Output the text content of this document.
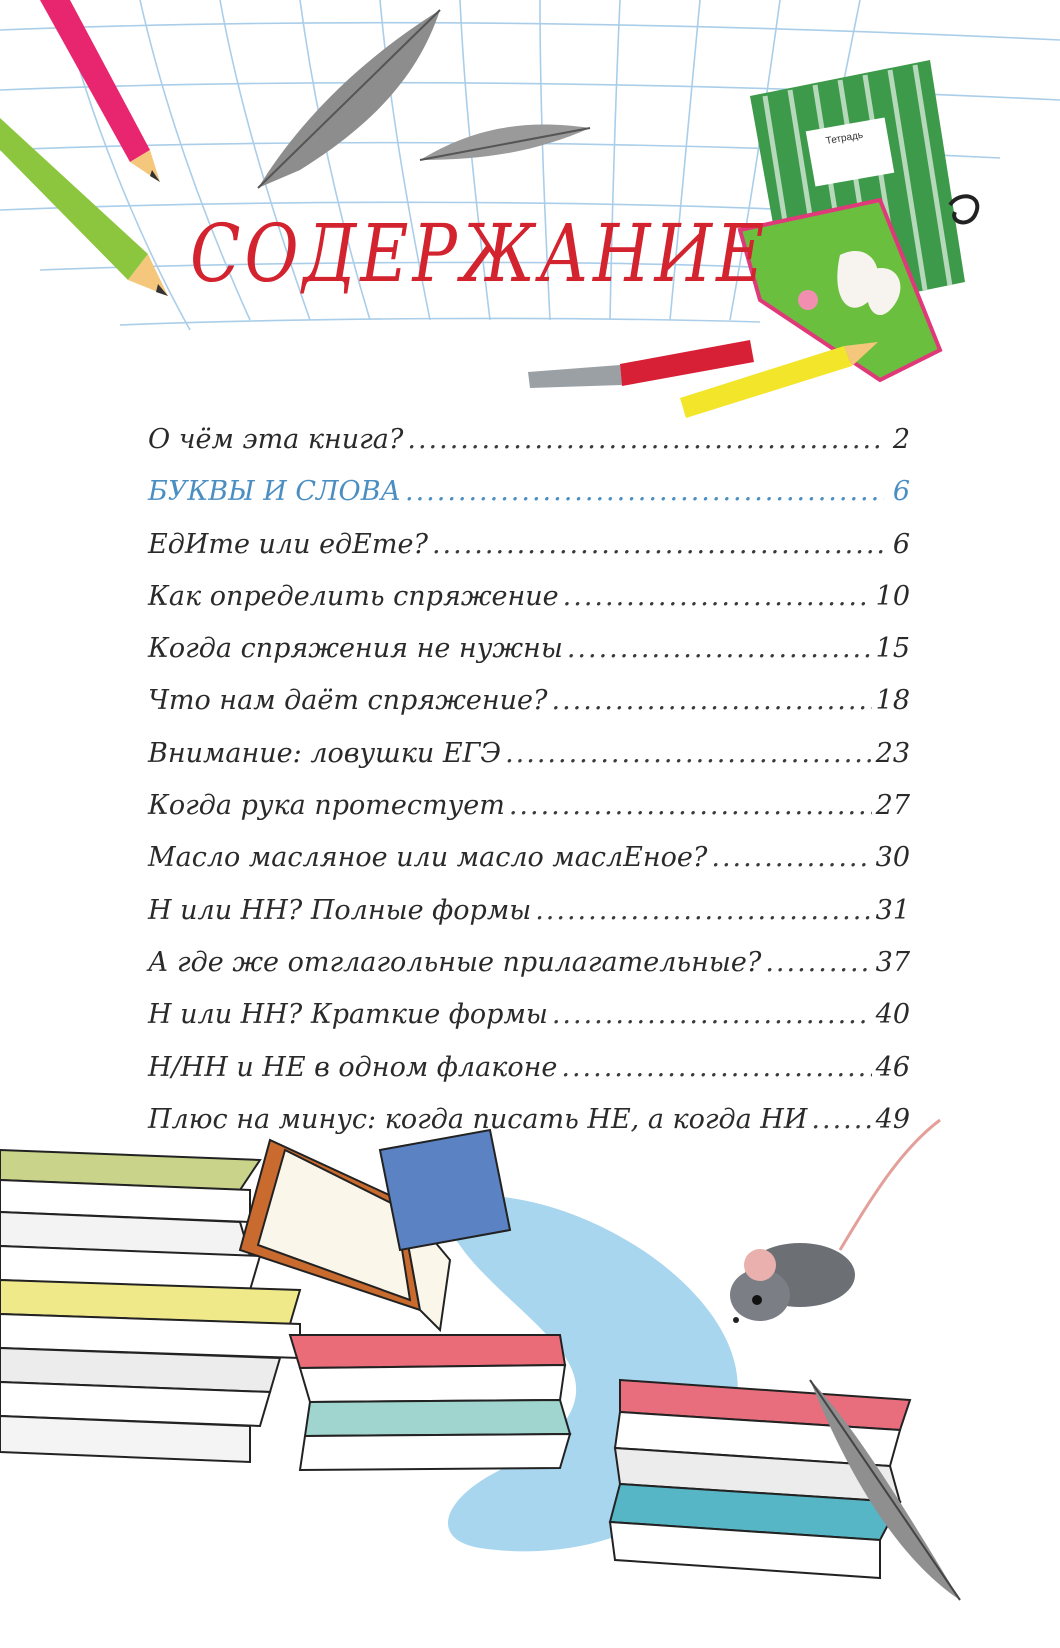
Тетрадь
СОДЕРЖАНИЕ
О чём эта книга? .....	2
БУКВЫ И СЛОВА .....	6
ЕдИте или едЕте? .....	6
Как определить спряжение .....	10
Когда спряжения не нужны .....	15
Что нам даёт спряжение? .....	18
Внимание: ловушки ЕГЭ .....	23
Когда рука протестует .....	27
Масло масляное или масло маслЕное? .....	30
Н или НН? Полные формы .....	31
А где же отглагольные прилагательные? .....	37
Н или НН? Краткие формы .....	40
Н/НН и НЕ в одном флаконе .....	46
Плюс на минус: когда писать НЕ, а когда НИ .....	49
